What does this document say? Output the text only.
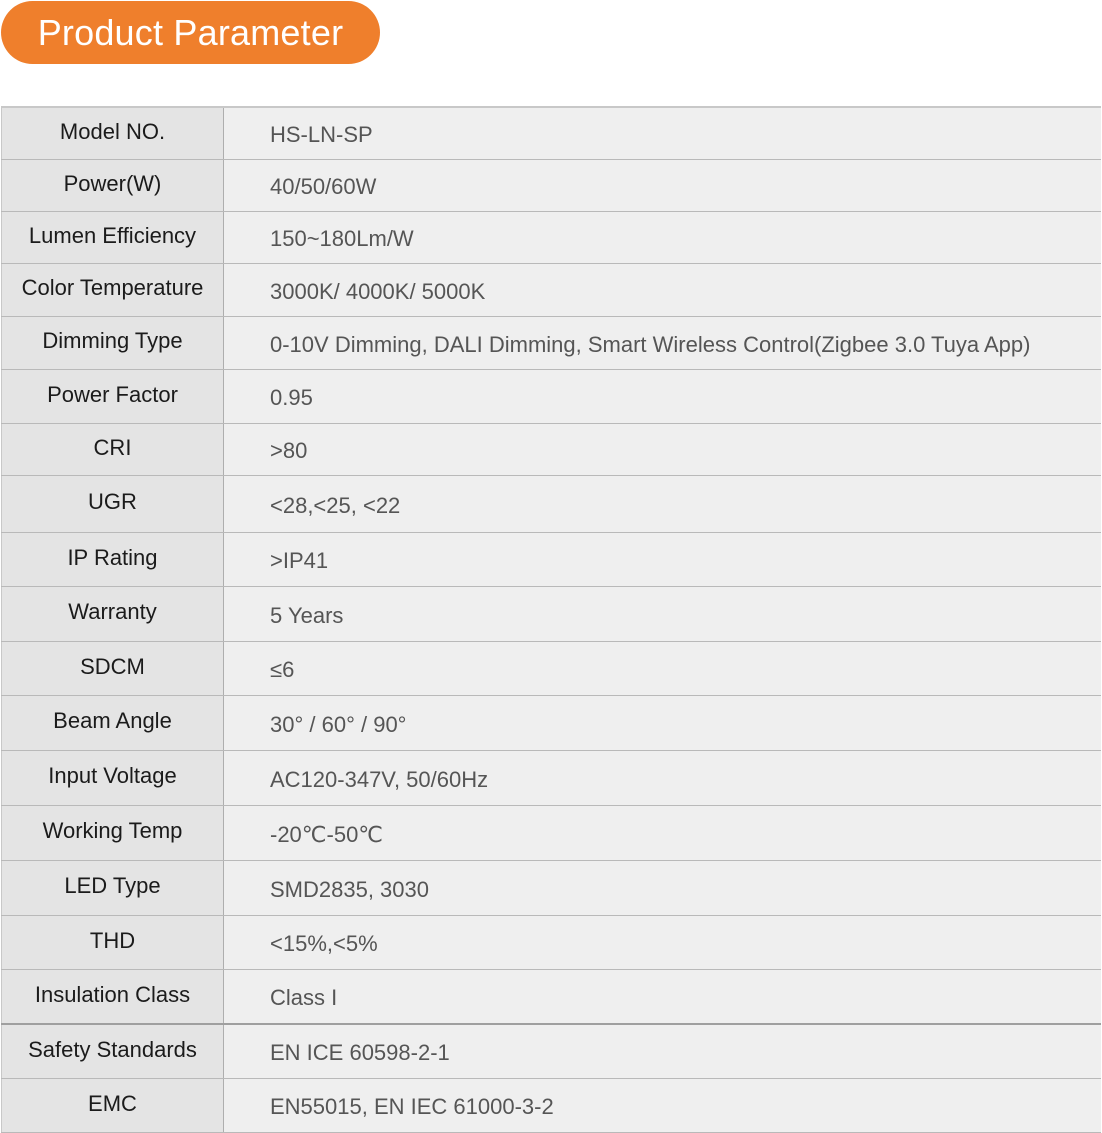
Product Parameter
Model NO.	HS-LN-SP
Power(W)	40/50/60W
Lumen Efficiency	150~180Lm/W
Color Temperature	3000K/ 4000K/ 5000K
Dimming Type	0-10V Dimming, DALI Dimming, Smart Wireless Control(Zigbee 3.0 Tuya App)
Power Factor	0.95
CRI	>80
UGR	<28,<25, <22
IP Rating	>IP41
Warranty	5 Years
SDCM	≤6
Beam Angle	30° / 60° / 90°
Input Voltage	AC120-347V, 50/60Hz
Working Temp	-20℃-50℃
LED Type	SMD2835, 3030
THD	<15%,<5%
Insulation Class	Class I
Safety Standards	EN ICE 60598-2-1
EMC	EN55015, EN IEC 61000-3-2
